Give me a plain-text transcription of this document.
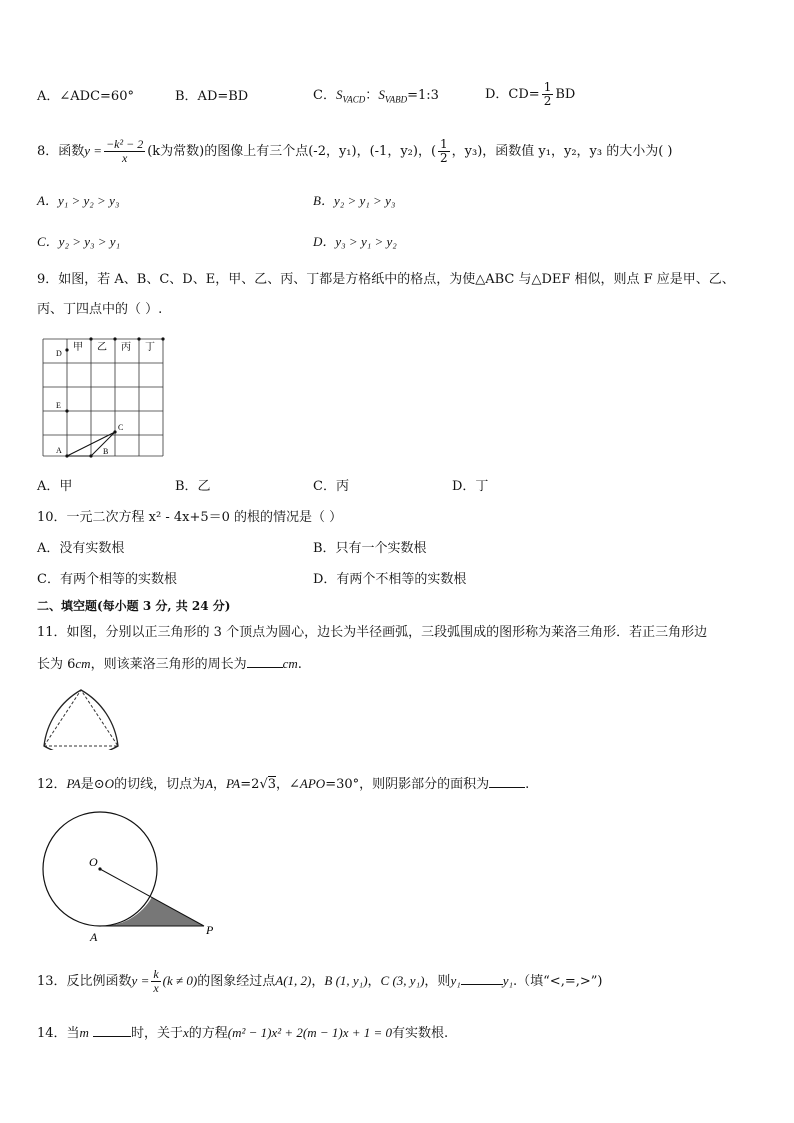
A．∠ADC=60°	B．AD=BD	C．$S_{VACD}$：$S_{VABD}=1:3$	D．$CD= \frac{1}{2}$ BD
8．函数$y = \frac{\text{−k² − 2}}{x} (k$为常数)的图像上有三个点(-2，y₁)，(-1，y₂)，( $\frac{1}{2}$ ，y₃)，函数值 y₁，y₂，y₃ 的大小为( )
A．y₁ > y₂ > y₃	B．y₂ > y₁ > y₃
C．y₂ > y₃ > y₁	D．y₃ > y₁ > y₂
9．如图，若 A、B、C、D、E，甲、乙、丙、丁都是方格纸中的格点，为使△ABC 与△DEF 相似，则点 F 应是甲、乙、
丙、丁四点中的（ ）.
D
甲 乙 丙 丁
E
C
A	B
A．甲	B．乙	C．丙	D．丁
10．一元二次方程 x² - 4x+5＝0 的根的情况是（ ）
A．没有实数根	B．只有一个实数根
C．有两个相等的实数根	D．有两个不相等的实数根
二、填空题(每小题 3 分, 共 24 分)
11．如图，分别以正三角形的 3 个顶点为圆心，边长为半径画弧，三段弧围成的图形称为莱洛三角形．若正三角形边
长为 6cm，则该莱洛三角形的周长为	cm.
12．PA是⊙O的切线，切点为A，PA=2√3，∠APO=30°，则阴影部分的面积为	.
O
A	P
13．反比例函数$y = \frac{k}{x} (k \ne 0)$的图象经过点A(1, 2)，B (1, y₁)，C (3, y₁)，则y₁	y₁.（填“<,=,>”)
14．当m	时，关于x的方程(m² − 1)x² + 2(m − 1)x + 1 = 0有实数根.
